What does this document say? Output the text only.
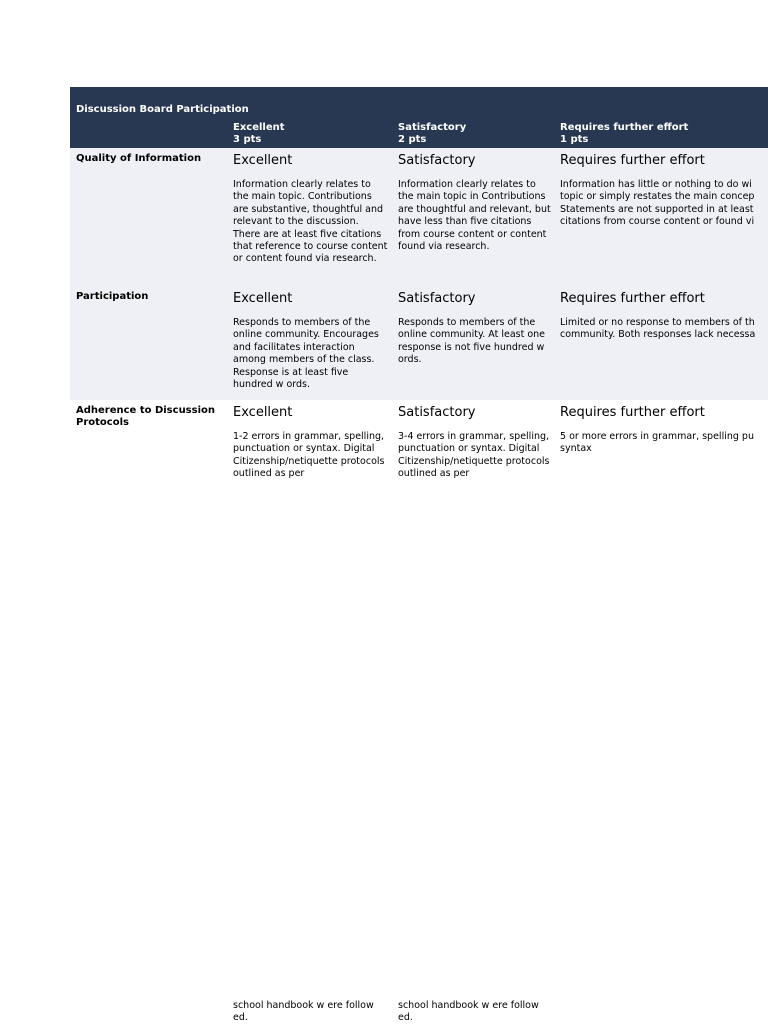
Discussion Board Participation
Excellent
3 pts
Satisfactory
2 pts
Requires further effort
1 pts
Quality of Information	Excellent
Information clearly relates to the main topic. Contributions are substantive, thoughtful and relevant to the discussion. There are at least five citations that reference to course content or content found via research.
Satisfactory
Information clearly relates to the main topic in Contributions are thoughtful and relevant, but have less than five citations from course content or content found via research.
Requires further effort
Information has little or nothing to do wi
topic or simply restates the main concep
Statements are not supported in at least
citations from course content or found vi
Participation	Excellent
Responds to members of the online community. Encourages and facilitates interaction among members of the class. Response is at least five hundred w ords.
Satisfactory
Responds to members of the online community. At least one response is not five hundred w ords.
Requires further effort
Limited or no response to members of th
community. Both responses lack necessa
Adherence to Discussion Protocols
Excellent
1-2 errors in grammar, spelling, punctuation or syntax. Digital Citizenship/netiquette protocols outlined as per
Satisfactory
3-4 errors in grammar, spelling, punctuation or syntax. Digital Citizenship/netiquette protocols outlined as per
Requires further effort
5 or more errors in grammar, spelling pu
syntax
school handbook w ere follow ed.
school handbook w ere follow ed.
